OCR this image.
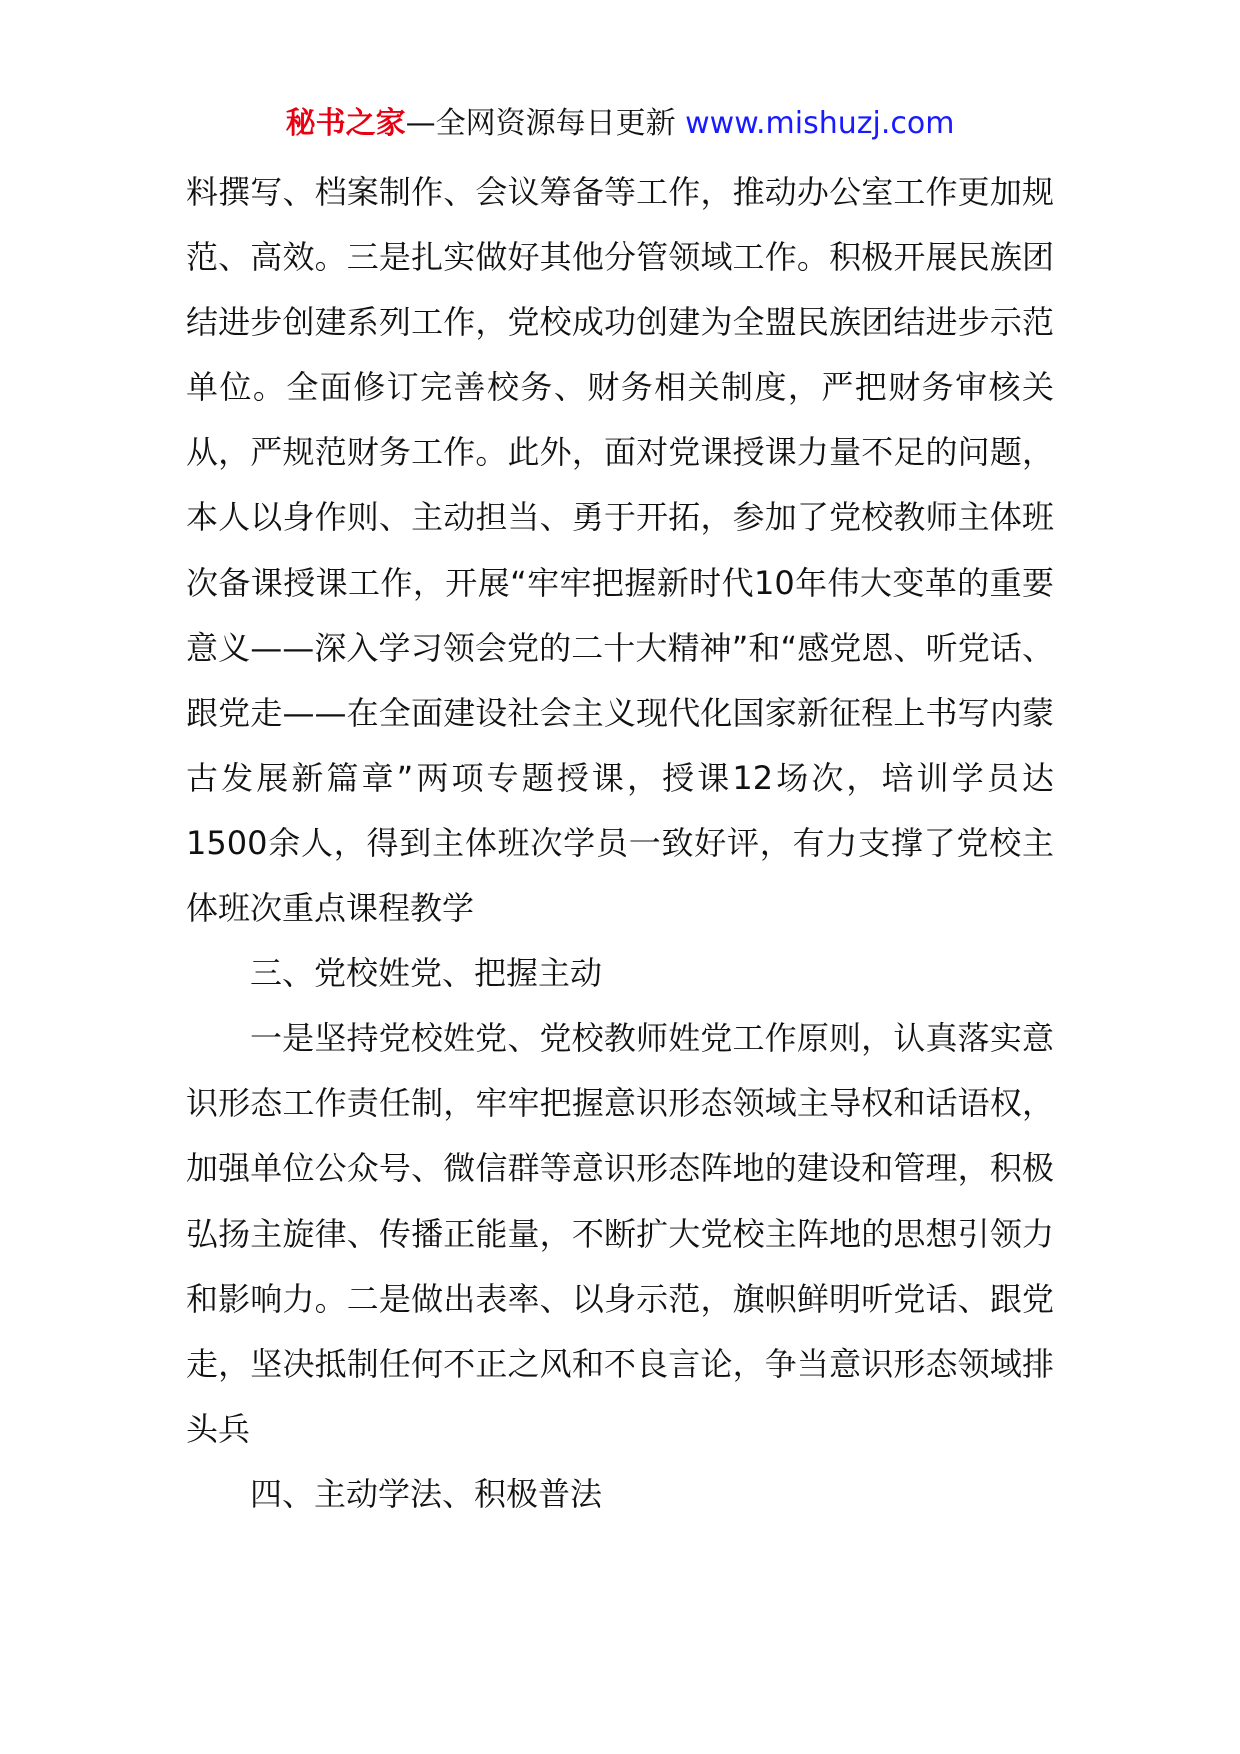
秘书之家—全网资源每日更新 www.mishuzj.com

料撰写、档案制作、会议筹备等工作，推动办公室工作更加规范、高效。三是扎实做好其他分管领域工作。积极开展民族团结进步创建系列工作，党校成功创建为全盟民族团结进步示范单位。全面修订完善校务、财务相关制度，严把财务审核关从，严规范财务工作。此外，面对党课授课力量不足的问题，本人以身作则、主动担当、勇于开拓，参加了党校教师主体班次备课授课工作，开展“牢牢把握新时代10年伟大变革的重要意义——深入学习领会党的二十大精神”和“感党恩、听党话、跟党走——在全面建设社会主义现代化国家新征程上书写内蒙古发展新篇章”两项专题授课，授课12场次，培训学员达1500余人，得到主体班次学员一致好评，有力支撑了党校主体班次重点课程教学

三、党校姓党、把握主动

一是坚持党校姓党、党校教师姓党工作原则，认真落实意识形态工作责任制，牢牢把握意识形态领域主导权和话语权，加强单位公众号、微信群等意识形态阵地的建设和管理，积极弘扬主旋律、传播正能量，不断扩大党校主阵地的思想引领力和影响力。二是做出表率、以身示范，旗帜鲜明听党话、跟党走，坚决抵制任何不正之风和不良言论，争当意识形态领域排头兵

四、主动学法、积极普法
